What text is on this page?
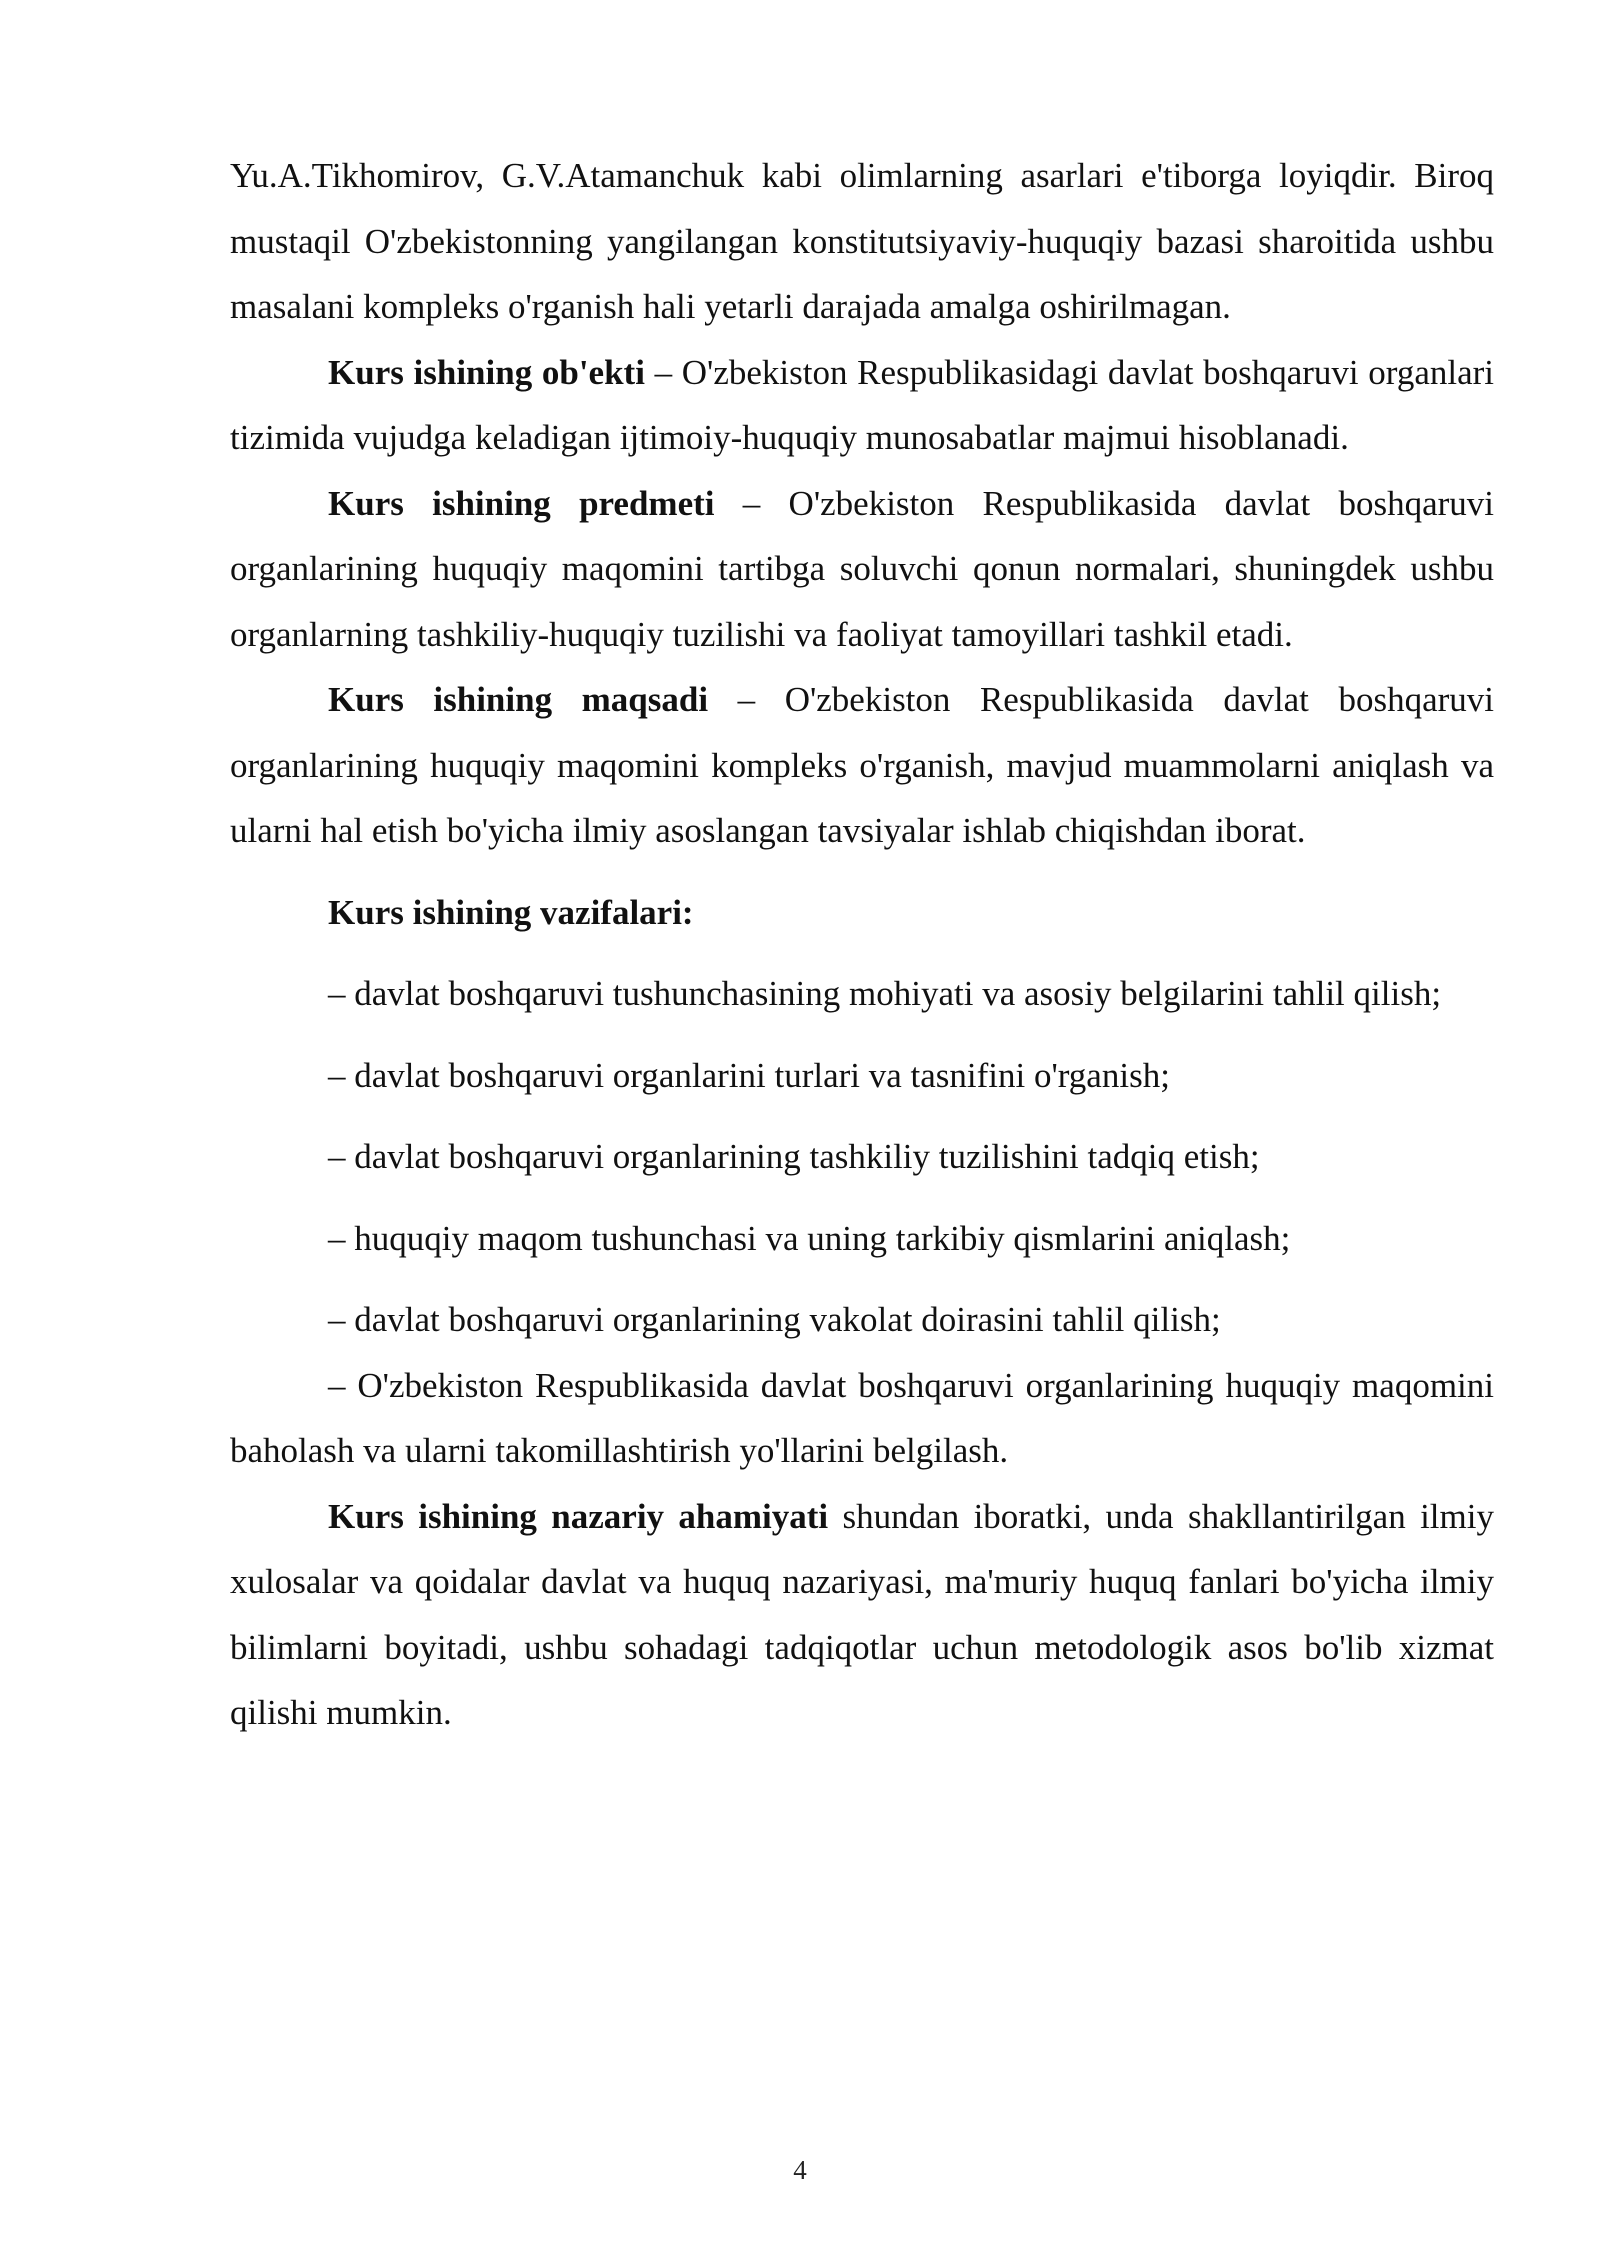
Yu.A.Tikhomirov, G.V.Atamanchuk kabi olimlarning asarlari e'tiborga loyiqdir. Biroq mustaqil O'zbekistonning yangilangan konstitutsiyaviy-huquqiy bazasi sharoitida ushbu masalani kompleks o'rganish hali yetarli darajada amalga oshirilmagan.

Kurs ishining ob'ekti – O'zbekiston Respublikasidagi davlat boshqaruvi organlari tizimida vujudga keladigan ijtimoiy-huquqiy munosabatlar majmui hisoblanadi.

Kurs ishining predmeti – O'zbekiston Respublikasida davlat boshqaruvi organlarining huquqiy maqomini tartibga soluvchi qonun normalari, shuningdek ushbu organlarning tashkiliy-huquqiy tuzilishi va faoliyat tamoyillari tashkil etadi.

Kurs ishining maqsadi – O'zbekiston Respublikasida davlat boshqaruvi organlarining huquqiy maqomini kompleks o'rganish, mavjud muammolarni aniqlash va ularni hal etish bo'yicha ilmiy asoslangan tavsiyalar ishlab chiqishdan iborat.

Kurs ishining vazifalari:

– davlat boshqaruvi tushunchasining mohiyati va asosiy belgilarini tahlil qilish;

– davlat boshqaruvi organlarini turlari va tasnifini o'rganish;

– davlat boshqaruvi organlarining tashkiliy tuzilishini tadqiq etish;

– huquqiy maqom tushunchasi va uning tarkibiy qismlarini aniqlash;

– davlat boshqaruvi organlarining vakolat doirasini tahlil qilish;

– O'zbekiston Respublikasida davlat boshqaruvi organlarining huquqiy maqomini baholash va ularni takomillashtirish yo'llarini belgilash.

Kurs ishining nazariy ahamiyati shundan iboratki, unda shakllantirilgan ilmiy xulosalar va qoidalar davlat va huquq nazariyasi, ma'muriy huquq fanlari bo'yicha ilmiy bilimlarni boyitadi, ushbu sohadagi tadqiqotlar uchun metodologik asos bo'lib xizmat qilishi mumkin.

4
